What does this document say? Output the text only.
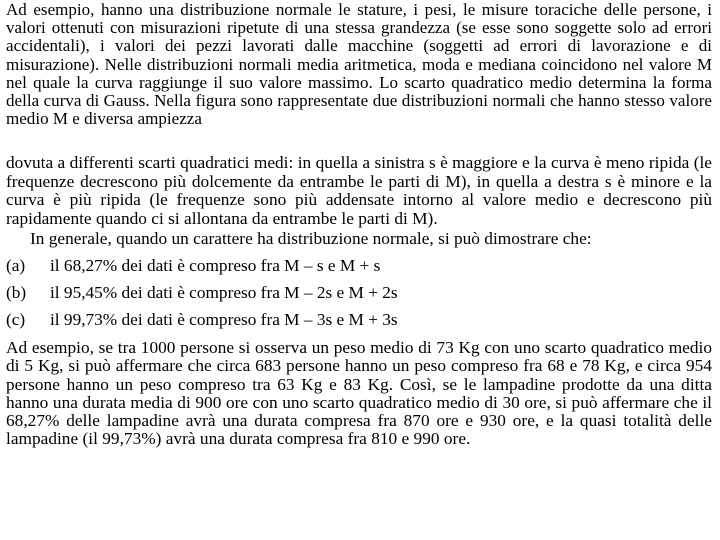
Ad esempio, hanno una distribuzione normale le stature, i pesi, le misure toraciche delle persone, i valori ottenuti con misurazioni ripetute di una stessa grandezza (se esse sono soggette solo ad errori accidentali), i valori dei pezzi lavorati dalle macchine (soggetti ad errori di lavorazione e di misurazione). Nelle distribuzioni normali media aritmetica, moda e mediana coincidono nel valore M nel quale la curva raggiunge il suo valore massimo. Lo scarto quadratico medio determina la forma della curva di Gauss. Nella figura sono rappresentate due distribuzioni normali che hanno stesso valore medio M e diversa ampiezza

dovuta a differenti scarti quadratici medi: in quella a sinistra s è maggiore e la curva è meno ripida (le frequenze decrescono più dolcemente da entrambe le parti di M), in quella a destra s è minore e la curva è più ripida (le frequenze sono più addensate intorno al valore medio e decrescono più rapidamente quando ci si allontana da entrambe le parti di M).

In generale, quando un carattere ha distribuzione normale, si può dimostrare che:

(a)	il 68,27% dei dati è compreso fra M – s e M + s
(b)	il 95,45% dei dati è compreso fra M – 2s e M + 2s
(c)	il 99,73% dei dati è compreso fra M – 3s e M + 3s

Ad esempio, se tra 1000 persone si osserva un peso medio di 73 Kg con uno scarto quadratico medio di 5 Kg, si può affermare che circa 683 persone hanno un peso compreso fra 68 e 78 Kg, e circa 954 persone hanno un peso compreso tra 63 Kg e 83 Kg. Così, se le lampadine prodotte da una ditta hanno una durata media di 900 ore con uno scarto quadratico medio di 30 ore, si può affermare che il 68,27% delle lampadine avrà una durata compresa fra 870 ore e 930 ore, e la quasi totalità delle lampadine (il 99,73%) avrà una durata compresa fra 810 e 990 ore.
